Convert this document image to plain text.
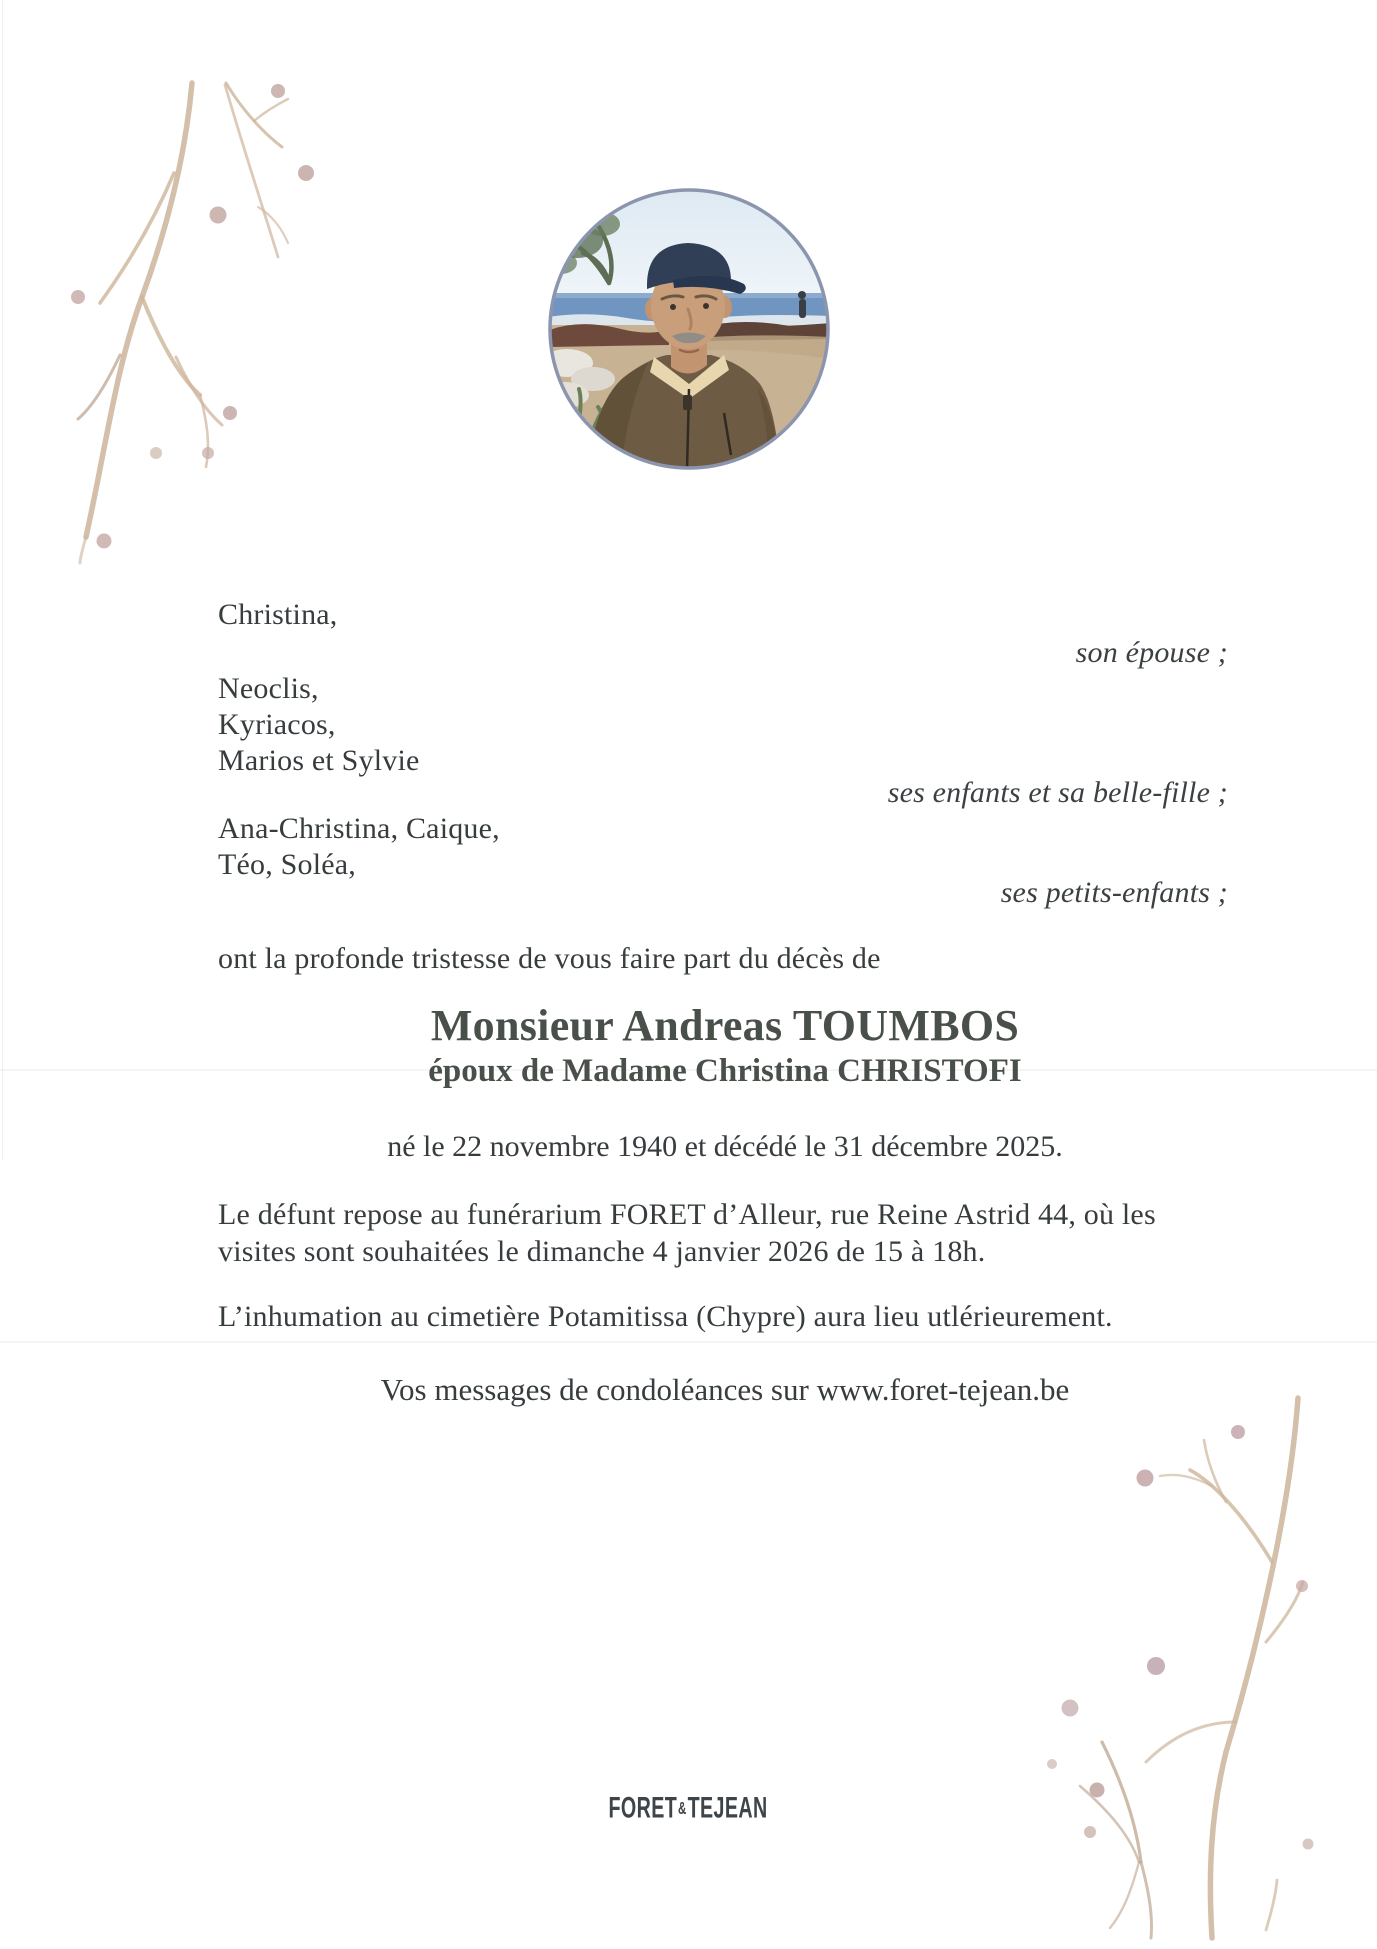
Christina,
son épouse ;
Neoclis,
Kyriacos,
Marios et Sylvie
ses enfants et sa belle-fille ;
Ana-Christina, Caique,
Téo, Soléa,
ses petits-enfants ;
ont la profonde tristesse de vous faire part du décès de
Monsieur Andreas TOUMBOS
époux de Madame Christina CHRISTOFI
né le 22 novembre 1940 et décédé le 31 décembre 2025.
Le défunt repose au funérarium FORET d’Alleur, rue Reine Astrid 44, où les
visites sont souhaitées le dimanche 4 janvier 2026 de 15 à 18h.
L’inhumation au cimetière Potamitissa (Chypre) aura lieu utlérieurement.
Vos messages de condoléances sur www.foret-tejean.be
FORET&TEJEAN
